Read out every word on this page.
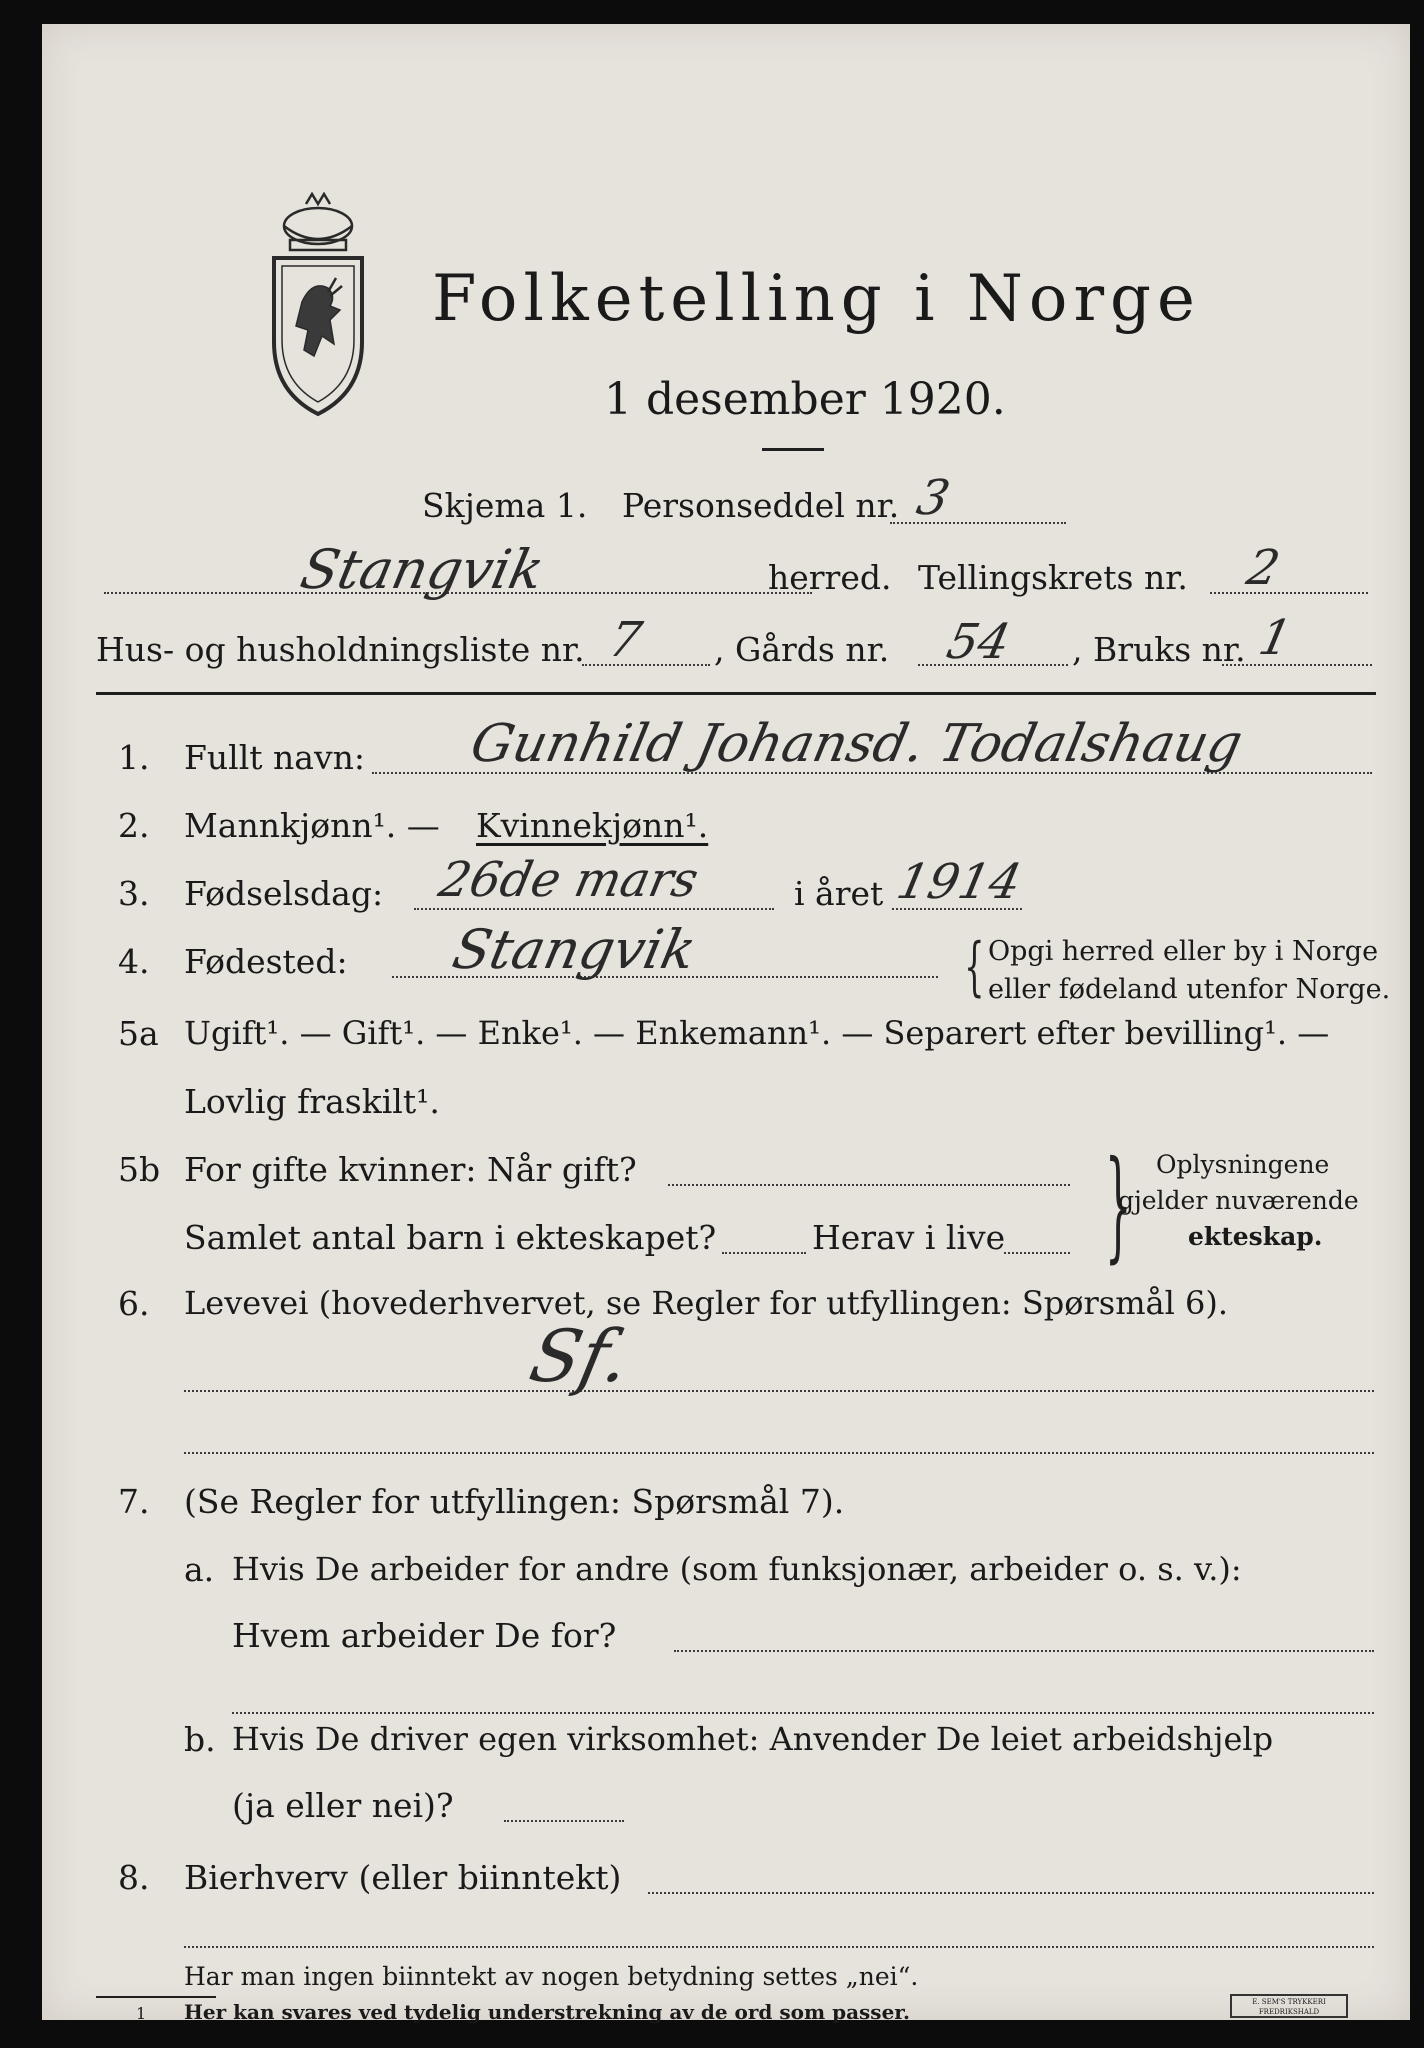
Folketelling i Norge
1 desember 1920.
Skjema 1. Personseddel nr. 3
Stangvik	herred. Tellingskrets nr. 2
Hus- og husholdningsliste nr. 7 , Gårds nr. 54 , Bruks nr. 1
1. Fullt navn: Gunhild Johansd. Todalshaug
2. Mannkjønn¹. — Kvinnekjønn¹.
3. Fødselsdag: 26de mars	i året 1914
4. Fødested: Stangvik	{ Opgi herred eller by i Norge
eller fødeland utenfor Norge.
5a Ugift¹. — Gift¹. — Enke¹. — Enkemann¹. — Separert efter bevilling¹. —
Lovlig fraskilt¹.
5b For gifte kvinner: Når gift?
Samlet antal barn i ekteskapet?	Herav i live } Oplysningene
gjelder nuværende
ekteskap.
6. Levevei (hovederhvervet, se Regler for utfyllingen: Spørsmål 6).
Sf.
7. (Se Regler for utfyllingen: Spørsmål 7).
a. Hvis De arbeider for andre (som funksjonær, arbeider o. s. v.):
Hvem arbeider De for?
b. Hvis De driver egen virksomhet: Anvender De leiet arbeidshjelp
(ja eller nei)?
8. Bierhverv (eller biinntekt)
Har man ingen biinntekt av nogen betydning settes „nei“.
1 Her kan svares ved tydelig understrekning av de ord som passer.	E. SEM'S TRYKKERI FREDRIKSHALD
